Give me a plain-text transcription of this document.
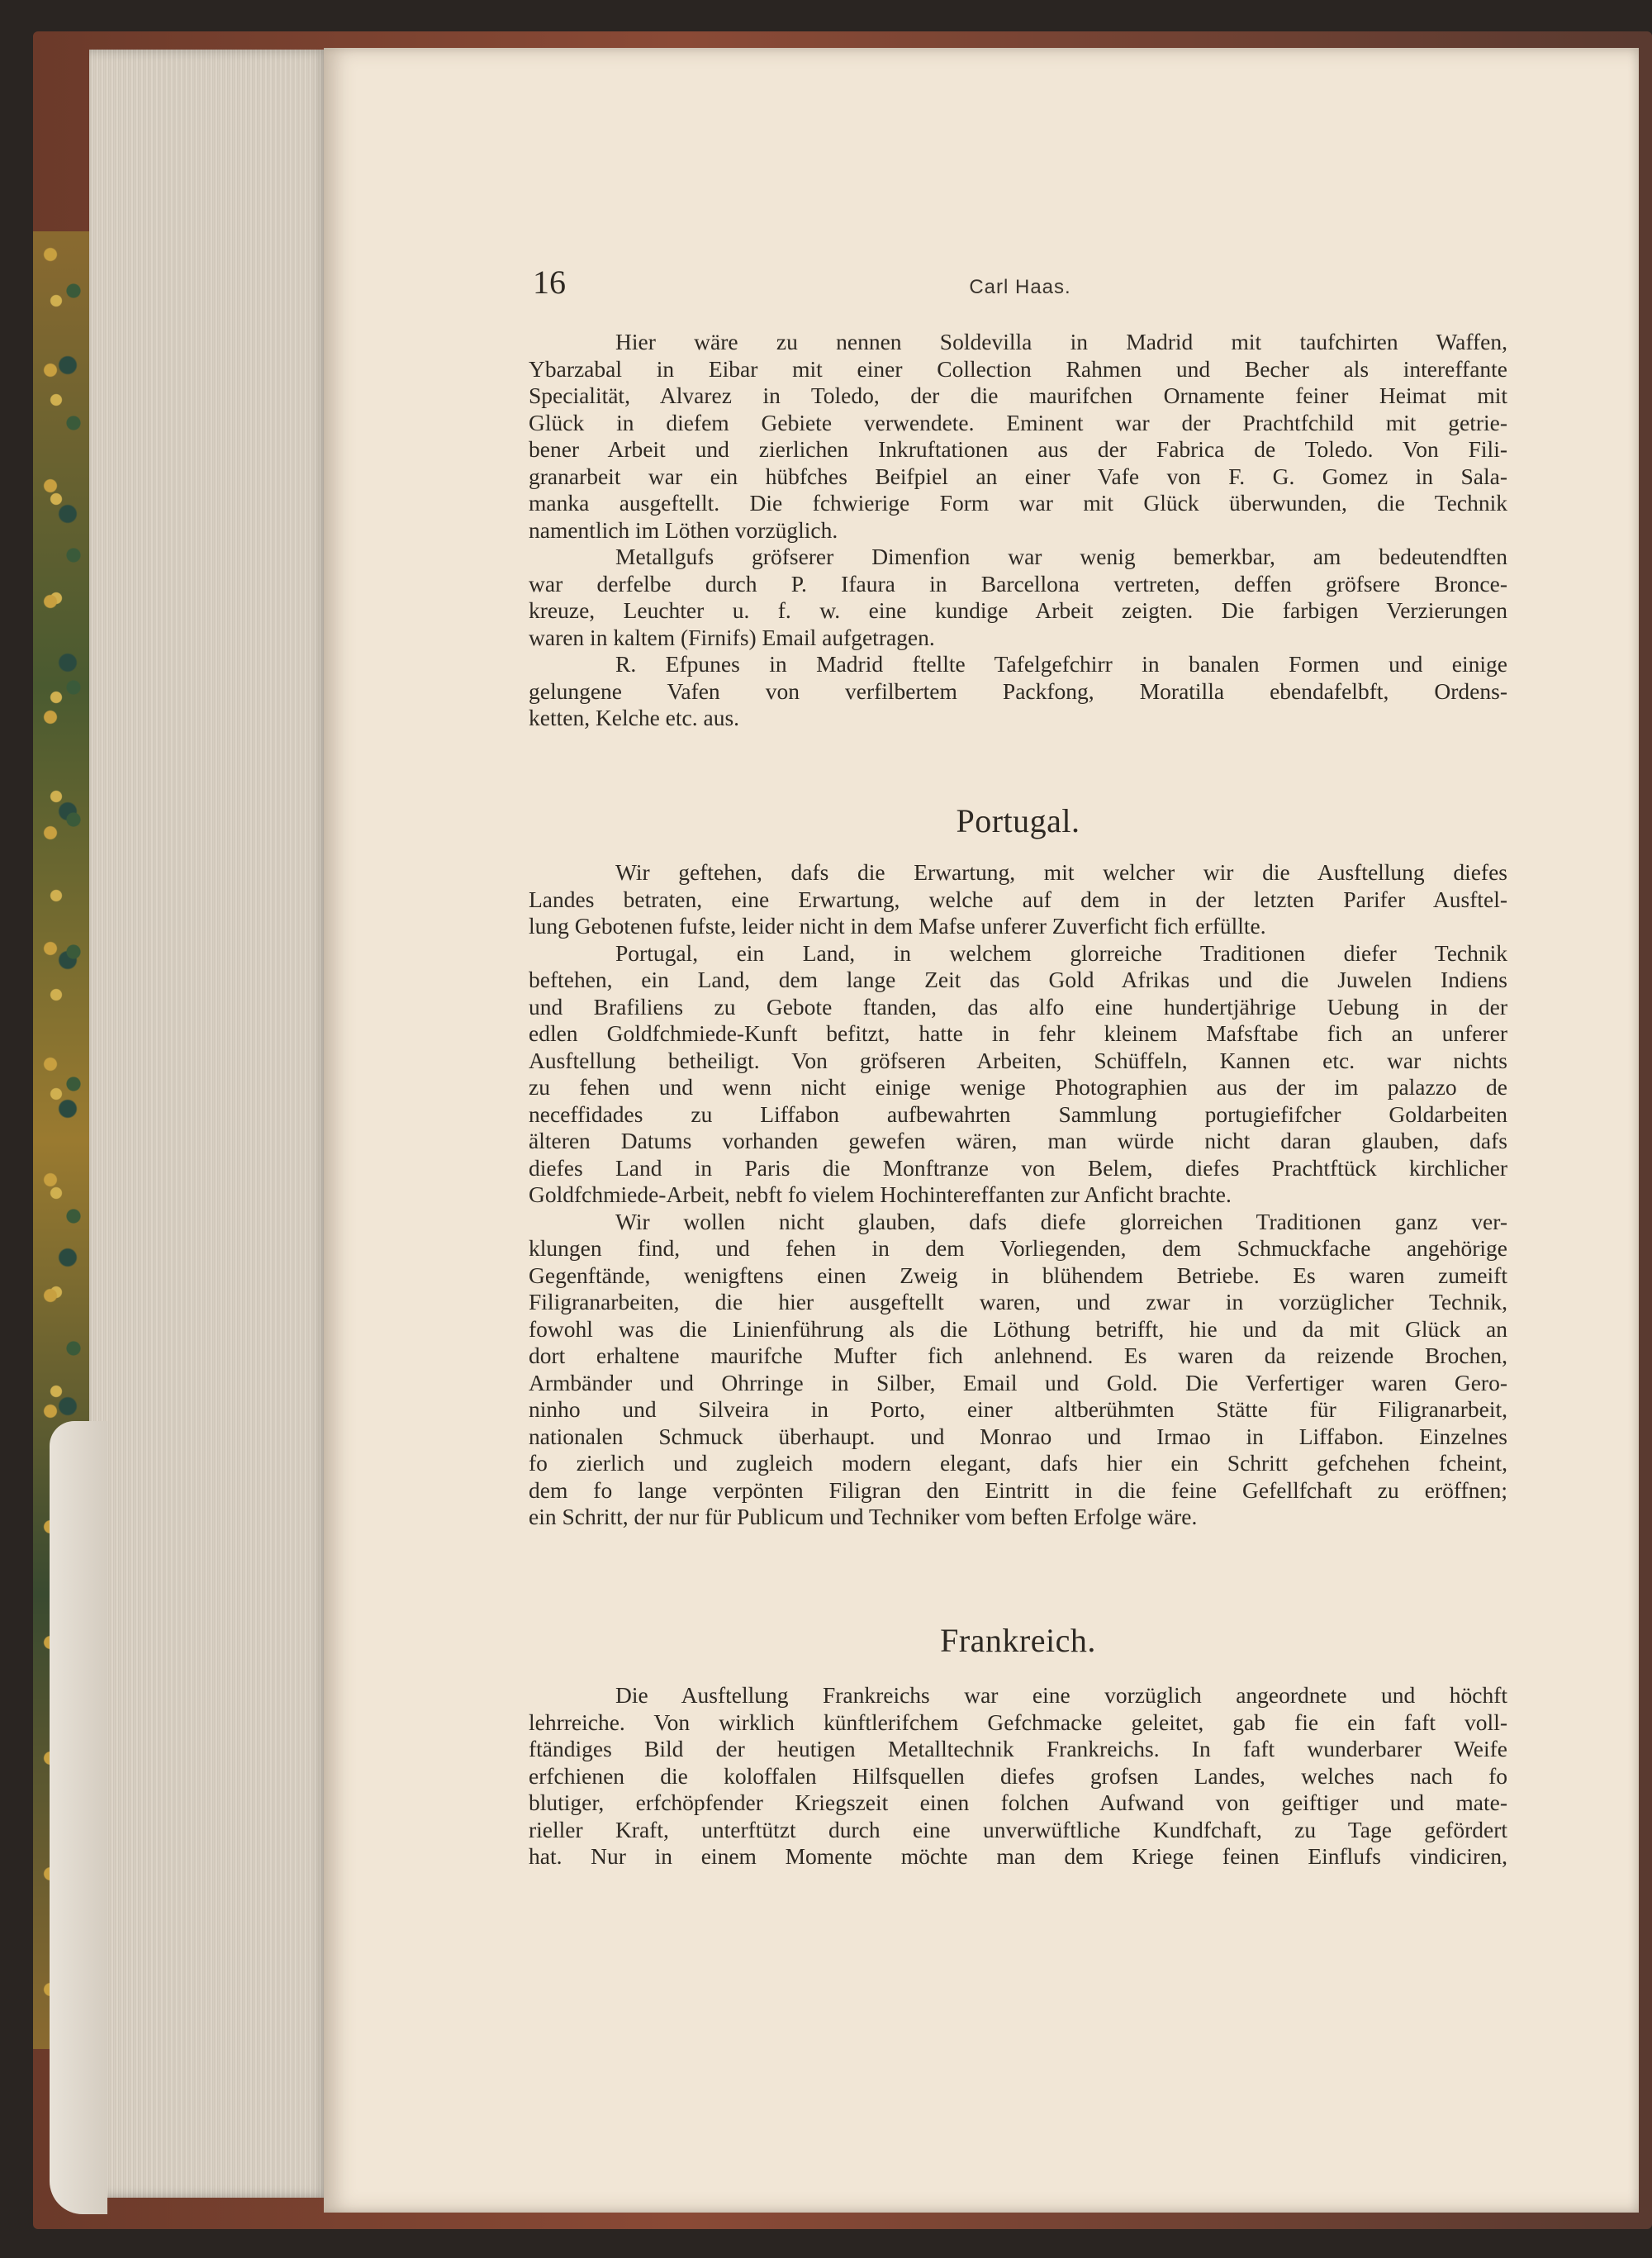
16	Carl Haas.
Hier wäre zu nennen Soldevilla in Madrid mit taufchirten Waffen,
Ybarzabal in Eibar mit einer Collection Rahmen und Becher als intereffante
Specialität, Alvarez in Toledo, der die maurifchen Ornamente feiner Heimat mit
Glück in diefem Gebiete verwendete. Eminent war der Prachtfchild mit getrie-
bener Arbeit und zierlichen Inkruftationen aus der Fabrica de Toledo. Von Fili-
granarbeit war ein hübfches Beifpiel an einer Vafe von F. G. Gomez in Sala-
manka ausgeftellt. Die fchwierige Form war mit Glück überwunden, die Technik
namentlich im Löthen vorzüglich.
Metallgufs gröfserer Dimenfion war wenig bemerkbar, am bedeutendften
war derfelbe durch P. Ifaura in Barcellona vertreten, deffen gröfsere Bronce-
kreuze, Leuchter u. f. w. eine kundige Arbeit zeigten. Die farbigen Verzierungen
waren in kaltem (Firnifs) Email aufgetragen.
R. Efpunes in Madrid ftellte Tafelgefchirr in banalen Formen und einige
gelungene Vafen von verfilbertem Packfong, Moratilla ebendafelbft, Ordens-
ketten, Kelche etc. aus.
Portugal.
Wir geftehen, dafs die Erwartung, mit welcher wir die Ausftellung diefes
Landes betraten, eine Erwartung, welche auf dem in der letzten Parifer Ausftel-
lung Gebotenen fufste, leider nicht in dem Mafse unferer Zuverficht fich erfüllte.
Portugal, ein Land, in welchem glorreiche Traditionen diefer Technik
beftehen, ein Land, dem lange Zeit das Gold Afrikas und die Juwelen Indiens
und Brafiliens zu Gebote ftanden, das alfo eine hundertjährige Uebung in der
edlen Goldfchmiede-Kunft befitzt, hatte in fehr kleinem Mafsftabe fich an unferer
Ausftellung betheiligt. Von gröfseren Arbeiten, Schüffeln, Kannen etc. war nichts
zu fehen und wenn nicht einige wenige Photographien aus der im palazzo de
neceffidades zu Liffabon aufbewahrten Sammlung portugiefifcher Goldarbeiten
älteren Datums vorhanden gewefen wären, man würde nicht daran glauben, dafs
diefes Land in Paris die Monftranze von Belem, diefes Prachtftück kirchlicher
Goldfchmiede-Arbeit, nebft fo vielem Hochintereffanten zur Anficht brachte.
Wir wollen nicht glauben, dafs diefe glorreichen Traditionen ganz ver-
klungen find, und fehen in dem Vorliegenden, dem Schmuckfache angehörige
Gegenftände, wenigftens einen Zweig in blühendem Betriebe. Es waren zumeift
Filigranarbeiten, die hier ausgeftellt waren, und zwar in vorzüglicher Technik,
fowohl was die Linienführung als die Löthung betrifft, hie und da mit Glück an
dort erhaltene maurifche Mufter fich anlehnend. Es waren da reizende Brochen,
Armbänder und Ohrringe in Silber, Email und Gold. Die Verfertiger waren Gero-
ninho und Silveira in Porto, einer altberühmten Stätte für Filigranarbeit,
nationalen Schmuck überhaupt. und Monrao und Irmao in Liffabon. Einzelnes
fo zierlich und zugleich modern elegant, dafs hier ein Schritt gefchehen fcheint,
dem fo lange verpönten Filigran den Eintritt in die feine Gefellfchaft zu eröffnen;
ein Schritt, der nur für Publicum und Techniker vom beften Erfolge wäre.
Frankreich.
Die Ausftellung Frankreichs war eine vorzüglich angeordnete und höchft
lehrreiche. Von wirklich künftlerifchem Gefchmacke geleitet, gab fie ein faft voll-
ftändiges Bild der heutigen Metalltechnik Frankreichs. In faft wunderbarer Weife
erfchienen die koloffalen Hilfsquellen diefes grofsen Landes, welches nach fo
blutiger, erfchöpfender Kriegszeit einen folchen Aufwand von geiftiger und mate-
rieller Kraft, unterftützt durch eine unverwüftliche Kundfchaft, zu Tage gefördert
hat. Nur in einem Momente möchte man dem Kriege feinen Einflufs vindiciren,
